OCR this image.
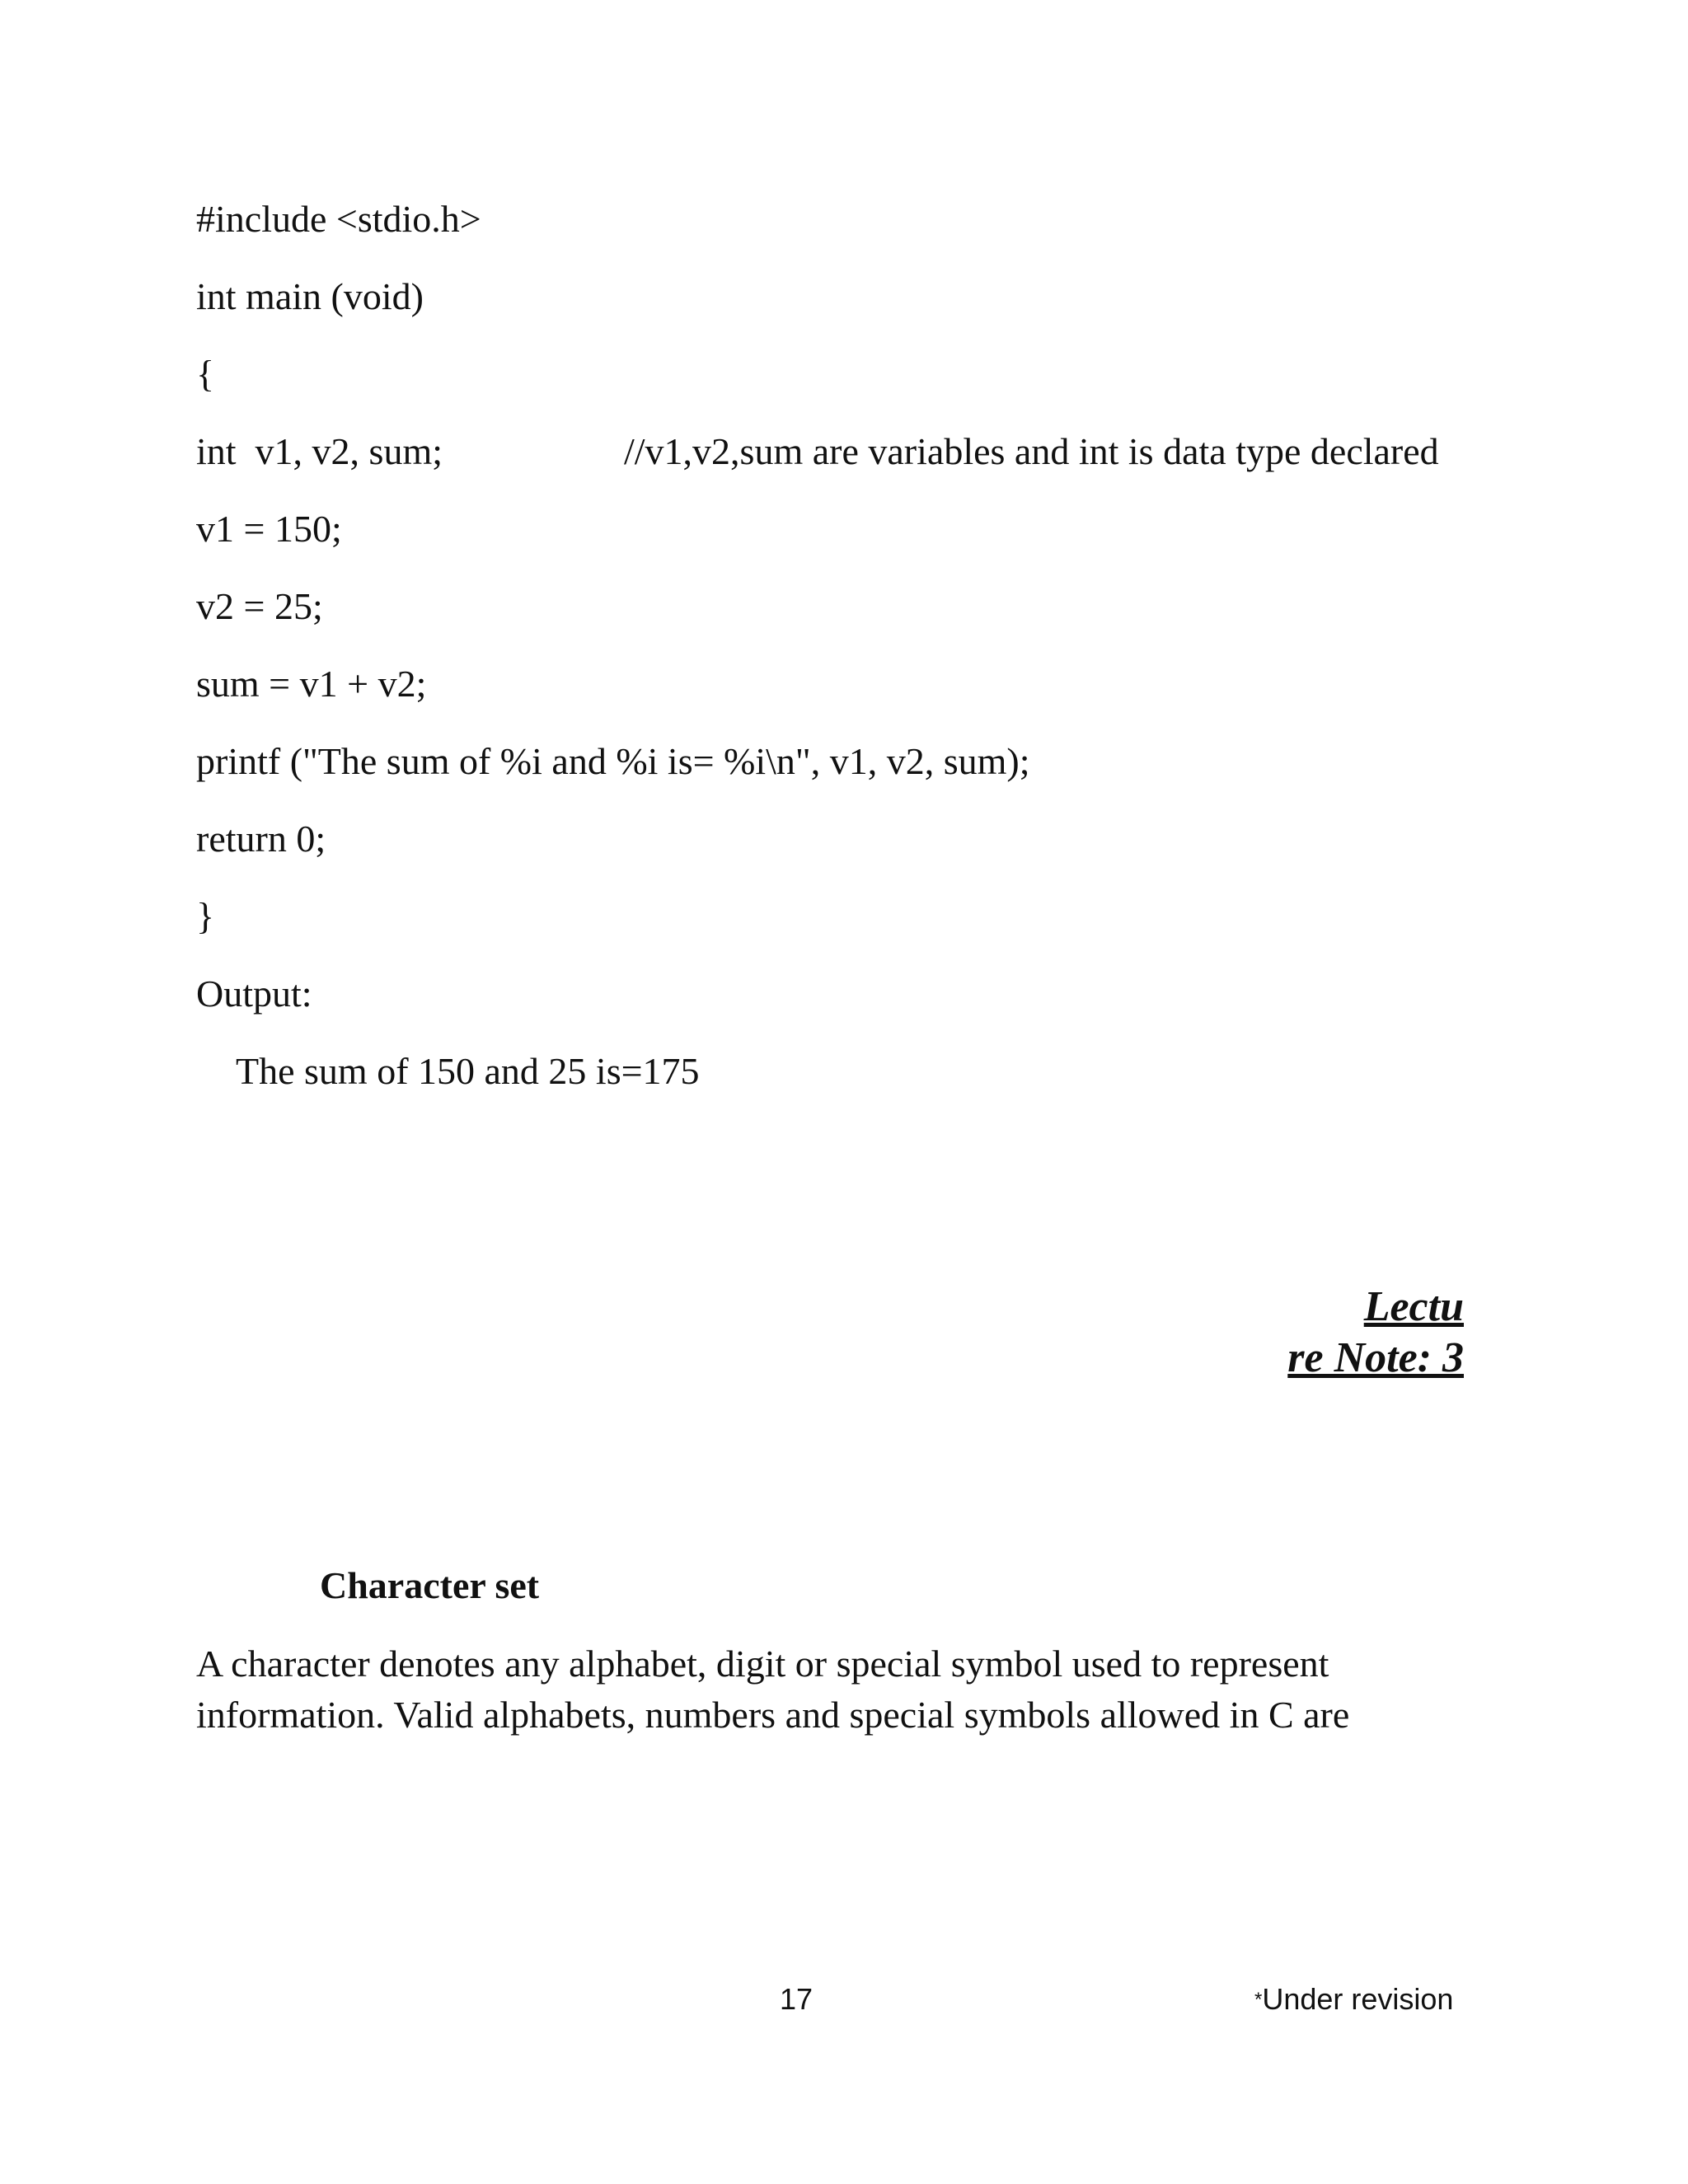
#include <stdio.h>
int main (void)
{
int  v1, v2, sum;	//v1,v2,sum are variables and int is data type declared
v1 = 150;
v2 = 25;
sum = v1 + v2;
printf ("The sum of %i and %i is= %i\n", v1, v2, sum);
return 0;
}
Output:
The sum of 150 and 25 is=175
Lectu
re Note: 3
Character set
A character denotes any alphabet, digit or special symbol used to represent
information. Valid alphabets, numbers and special symbols allowed in C are
17	*Under revision
